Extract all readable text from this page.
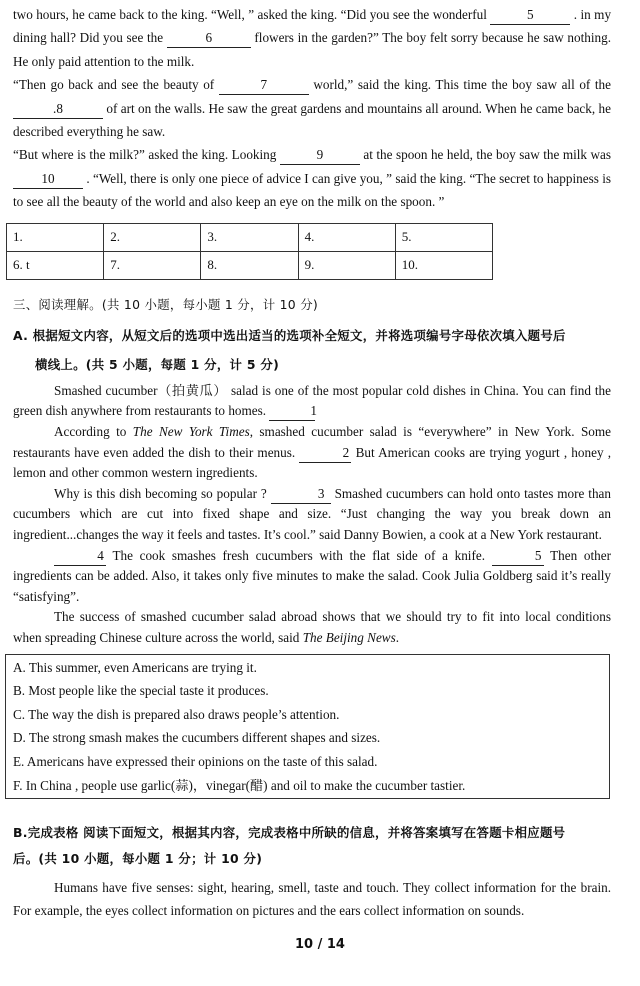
two hours, he came back to the king. “Well, ” asked the king. “Did you see the wonderful	5	. in my dining hall? Did you see the	6	flowers in the garden?” The boy felt sorry because he saw nothing. He only paid attention to the milk.

“Then go back and see the beauty of	7	world,” said the king. This time the boy saw all of the .8	of art on the walls. He saw the great gardens and mountains all around. When he came back, he described everything he saw.

“But where is the milk?” asked the king. Looking	9	at the spoon he held, the boy saw the milk was 10 . “Well, there is only one piece of advice I can give you, ” said the king. “The secret to happiness is to see all the beauty of the world and also keep an eye on the milk on the spoon. ”

1.	2.	3.	4.	5.
6. t	7.	8.	9.	10.

三、阅读理解。(共 10 小题，每小题 1 分，计 10 分)

A. 根据短文内容，从短文后的选项中选出适当的选项补全短文，并将选项编号字母依次填入题号后

横线上。(共 5 小题，每题 1 分，计 5 分)

Smashed cucumber（拍黄瓜） salad is one of the most popular cold dishes in China. You can find the green dish anywhere from restaurants to homes.	1

According to The New York Times, smashed cucumber salad is “everywhere” in New York. Some restaurants have even added the dish to their menus.	2 But American cooks are trying yogurt , honey , lemon and other common western ingredients.

Why is this dish becoming so popular ?	3 Smashed cucumbers can hold onto tastes more than cucumbers which are cut into fixed shape and size. “Just changing the way you break down an ingredient...changes the way it feels and tastes. It’s cool.” said Danny Bowien, a cook at a New York restaurant.

4 The cook smashes fresh cucumbers with the flat side of a knife.	5 Then other ingredients can be added. Also, it takes only five minutes to make the salad. Cook Julia Goldberg said it’s really “satisfying”.

The success of smashed cucumber salad abroad shows that we should try to fit into local conditions when spreading Chinese culture across the world, said The Beijing News.

A. This summer, even Americans are trying it.

B. Most people like the special taste it produces.

C. The way the dish is prepared also draws people’s attention.

D. The strong smash makes the cucumbers different shapes and sizes.

E. Americans have expressed their opinions on the taste of this salad.

F. In China , people use garlic(蒜)，vinegar(醋) and oil to make the cucumber tastier.

B.完成表格 阅读下面短文，根据其内容，完成表格中所缺的信息，并将答案填写在答题卡相应题号

后。(共 10 小题，每小题 1 分；计 10 分)

Humans have five senses: sight, hearing, smell, taste and touch. They collect information for the brain. For example, the eyes collect information on pictures and the ears collect information on sounds.

10 / 14
